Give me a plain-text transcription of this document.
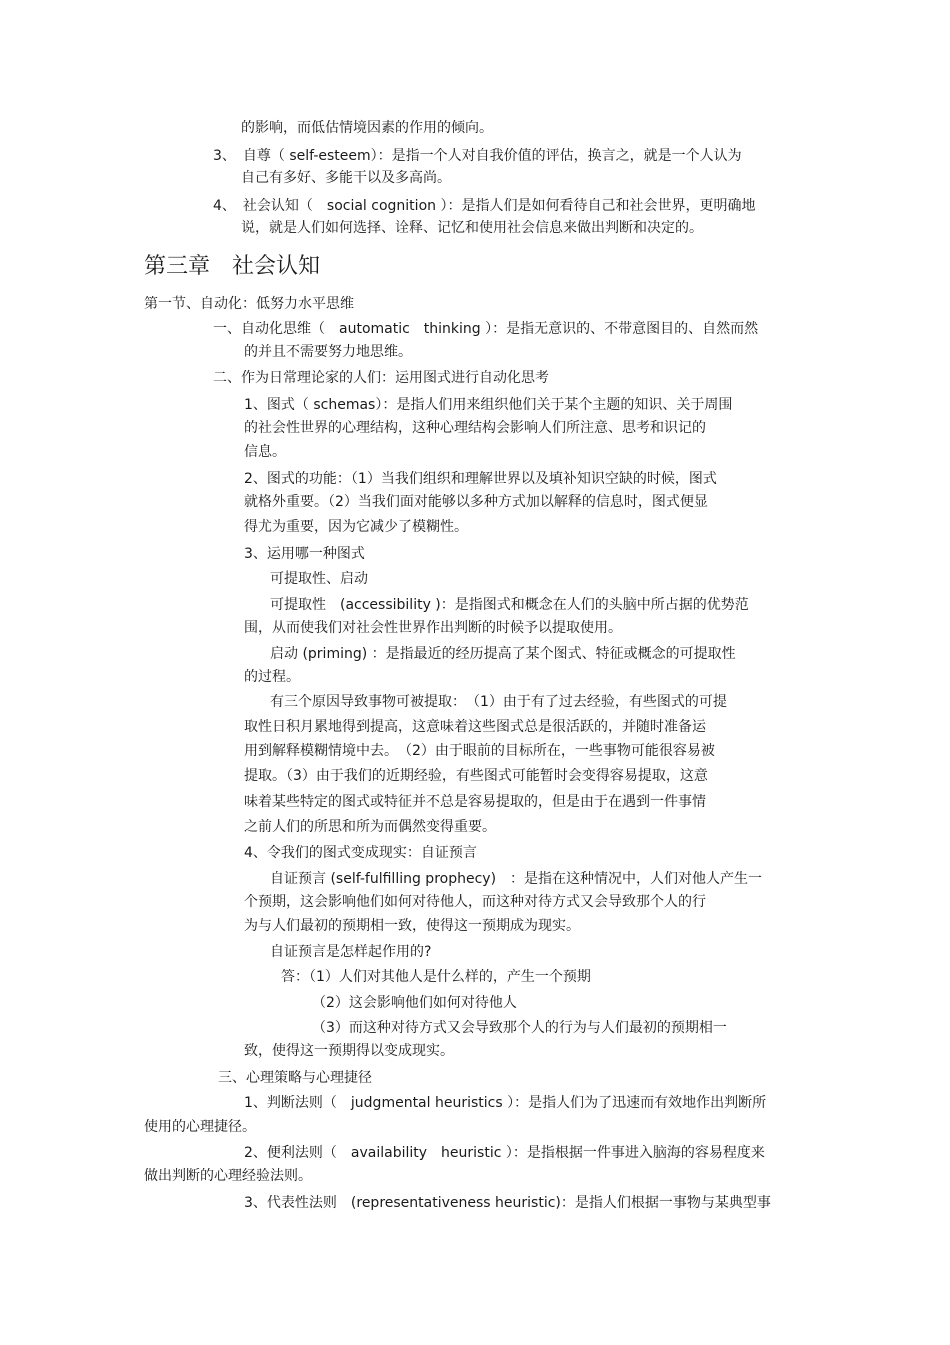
的影响，而低估情境因素的作用的倾向。
3、　自尊（ self-esteem）：是指一个人对自我价值的评估，换言之，就是一个人认为
自己有多好、多能干以及多高尚。
4、　社会认知（　social cognition ）：是指人们是如何看待自己和社会世界，更明确地
说，就是人们如何选择、诠释、记忆和使用社会信息来做出判断和决定的。
第三章　社会认知
第一节、自动化：低努力水平思维
一、自动化思维（　automatic　thinking ）：是指无意识的、不带意图目的、自然而然
的并且不需要努力地思维。
二、作为日常理论家的人们：运用图式进行自动化思考
1、图式（ schemas）：是指人们用来组织他们关于某个主题的知识、关于周围
的社会性世界的心理结构，这种心理结构会影响人们所注意、思考和识记的
信息。
2、图式的功能：（1）当我们组织和理解世界以及填补知识空缺的时候，图式
就格外重要。（2）当我们面对能够以多种方式加以解释的信息时，图式便显
得尤为重要，因为它减少了模糊性。
3、运用哪一种图式
可提取性、启动
可提取性　(accessibility )：是指图式和概念在人们的头脑中所占据的优势范
围，从而使我们对社会性世界作出判断的时候予以提取使用。
启动 (priming) ：是指最近的经历提高了某个图式、特征或概念的可提取性
的过程。
有三个原因导致事物可被提取：　（1）由于有了过去经验，有些图式的可提
取性日积月累地得到提高，这意味着这些图式总是很活跃的，并随时准备运
用到解释模糊情境中去。　（2）由于眼前的目标所在，一些事物可能很容易被
提取。（3）由于我们的近期经验，有些图式可能暂时会变得容易提取，这意
味着某些特定的图式或特征并不总是容易提取的，但是由于在遇到一件事情
之前人们的所思和所为而偶然变得重要。
4、令我们的图式变成现实：自证预言
自证预言 (self-fulfilling prophecy)　：是指在这种情况中，人们对他人产生一
个预期，这会影响他们如何对待他人，而这种对待方式又会导致那个人的行
为与人们最初的预期相一致，使得这一预期成为现实。
自证预言是怎样起作用的?
答：（1）人们对其他人是什么样的，产生一个预期
（2）这会影响他们如何对待他人
（3）而这种对待方式又会导致那个人的行为与人们最初的预期相一
致，使得这一预期得以变成现实。
三、心理策略与心理捷径
1、判断法则（　judgmental heuristics ）：是指人们为了迅速而有效地作出判断所
使用的心理捷径。
2、便利法则（　availability　heuristic ）：是指根据一件事进入脑海的容易程度来
做出判断的心理经验法则。
3、代表性法则　(representativeness heuristic)：是指人们根据一事物与某典型事
